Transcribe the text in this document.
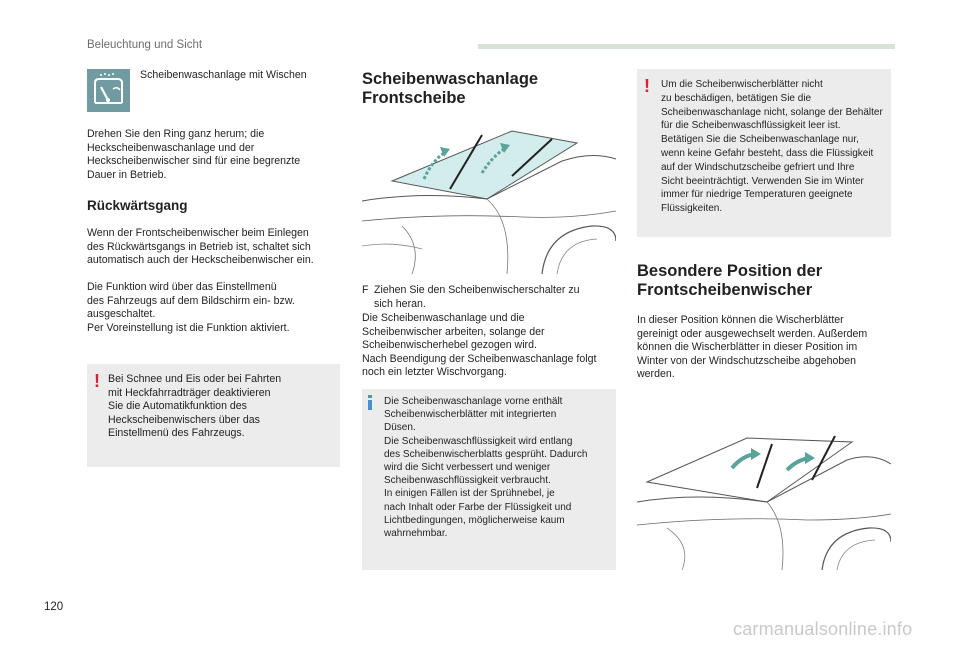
Beleuchtung und Sicht
Scheibenwaschanlage mit Wischen
Drehen Sie den Ring ganz herum; die
Heckscheibenwaschanlage und der
Heckscheibenwischer sind für eine begrenzte
Dauer in Betrieb.
Rückwärtsgang
Wenn der Frontscheibenwischer beim Einlegen
des Rückwärtsgangs in Betrieb ist, schaltet sich
automatisch auch der Heckscheibenwischer ein.
Die Funktion wird über das Einstellmenü
des Fahrzeugs auf dem Bildschirm ein- bzw.
ausgeschaltet.
Per Voreinstellung ist die Funktion aktiviert.
! Bei Schnee und Eis oder bei Fahrten
mit Heckfahrradträger deaktivieren
Sie die Automatikfunktion des
Heckscheibenwischers über das
Einstellmenü des Fahrzeugs.
Scheibenwaschanlage
Frontscheibe
F Ziehen Sie den Scheibenwischerschalter zu
sich heran.
Die Scheibenwaschanlage und die
Scheibenwischer arbeiten, solange der
Scheibenwischerhebel gezogen wird.
Nach Beendigung der Scheibenwaschanlage folgt
noch ein letzter Wischvorgang.
Die Scheibenwaschanlage vorne enthält
Scheibenwischerblätter mit integrierten
Düsen.
Die Scheibenwaschflüssigkeit wird entlang
des Scheibenwischerblatts gesprüht. Dadurch
wird die Sicht verbessert und weniger
Scheibenwaschflüssigkeit verbraucht.
In einigen Fällen ist der Sprühnebel, je
nach Inhalt oder Farbe der Flüssigkeit und
Lichtbedingungen, möglicherweise kaum
wahrnehmbar.
! Um die Scheibenwischerblätter nicht
zu beschädigen, betätigen Sie die
Scheibenwaschanlage nicht, solange der Behälter
für die Scheibenwaschflüssigkeit leer ist.
Betätigen Sie die Scheibenwaschanlage nur,
wenn keine Gefahr besteht, dass die Flüssigkeit
auf der Windschutzscheibe gefriert und Ihre
Sicht beeinträchtigt. Verwenden Sie im Winter
immer für niedrige Temperaturen geeignete
Flüssigkeiten.
Besondere Position der
Frontscheibenwischer
In dieser Position können die Wischerblätter
gereinigt oder ausgewechselt werden. Außerdem
können die Wischerblätter in dieser Position im
Winter von der Windschutzscheibe abgehoben
werden.
120
carmanualsonline.info
